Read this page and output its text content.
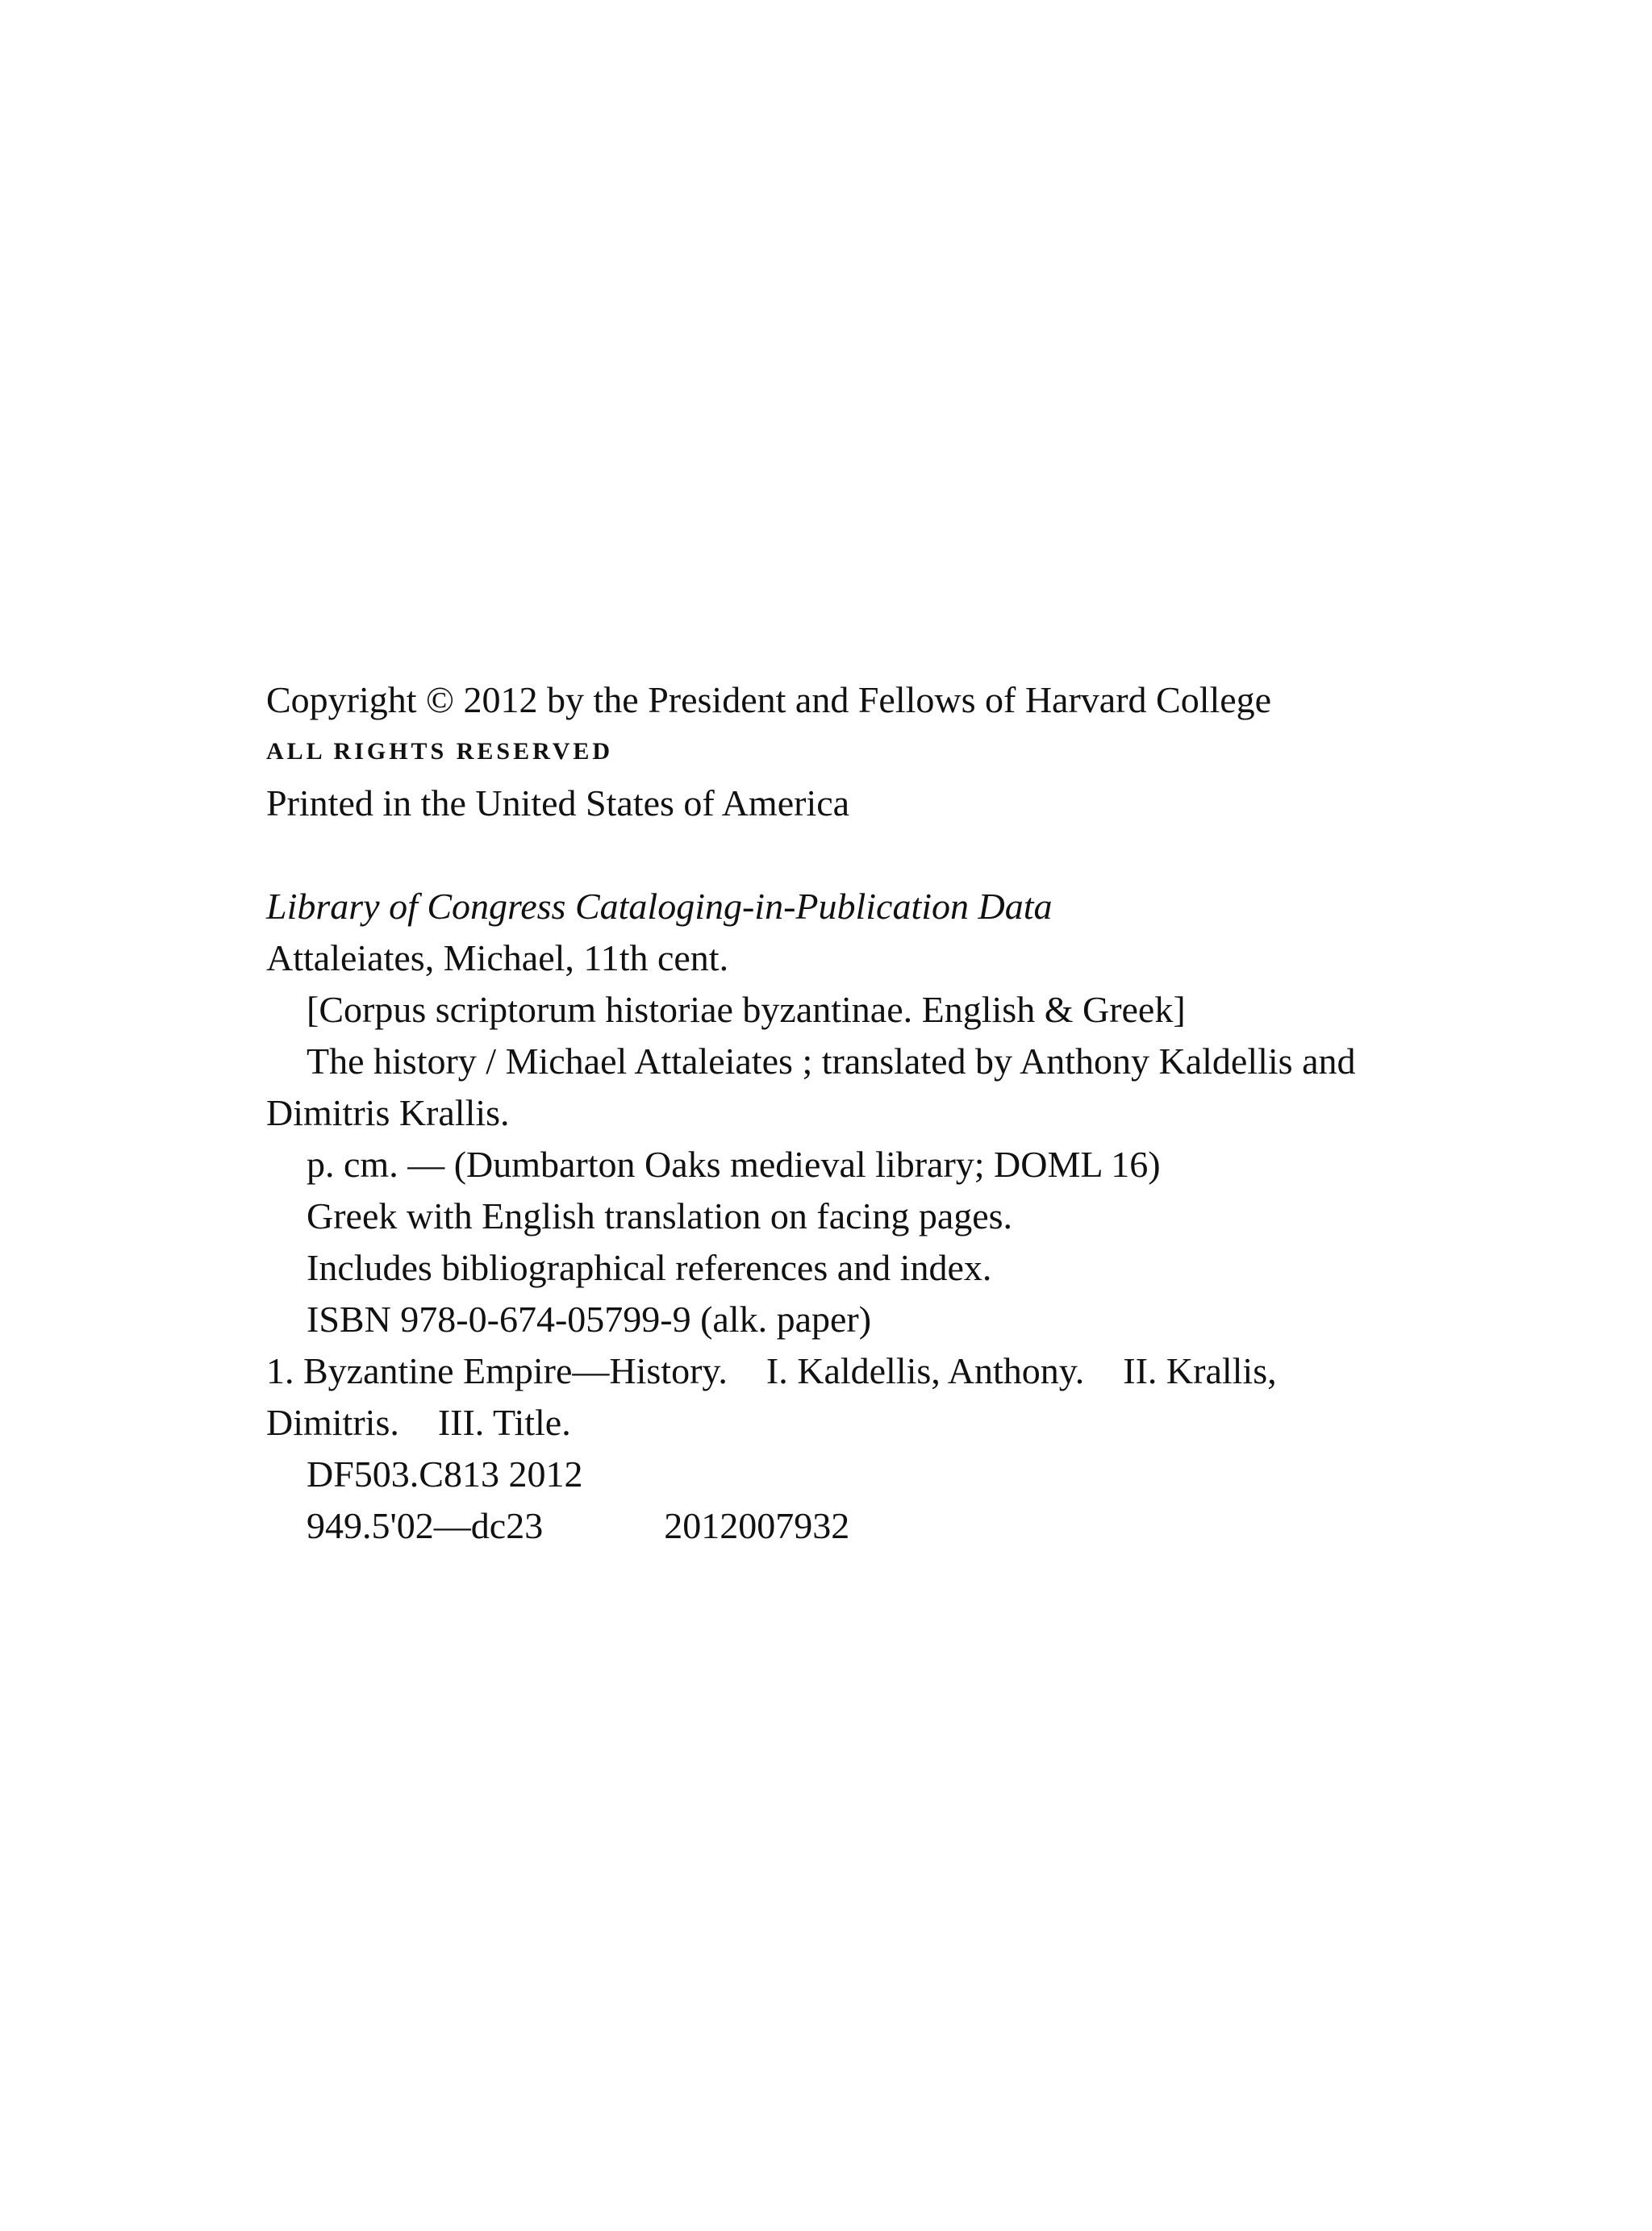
Copyright © 2012 by the President and Fellows of Harvard College
ALL RIGHTS RESERVED
Printed in the United States of America
Library of Congress Cataloging-in-Publication Data
Attaleiates, Michael, 11th cent.
[Corpus scriptorum historiae byzantinae. English & Greek]
The history / Michael Attaleiates ; translated by Anthony Kaldellis and
Dimitris Krallis.
p. cm. — (Dumbarton Oaks medieval library; DOML 16)
Greek with English translation on facing pages.
Includes bibliographical references and index.
ISBN 978-0-674-05799-9 (alk. paper)
1. Byzantine Empire—History. I. Kaldellis, Anthony. II. Krallis,
Dimitris. III. Title.
DF503.C813 2012
949.5'02—dc23	2012007932
